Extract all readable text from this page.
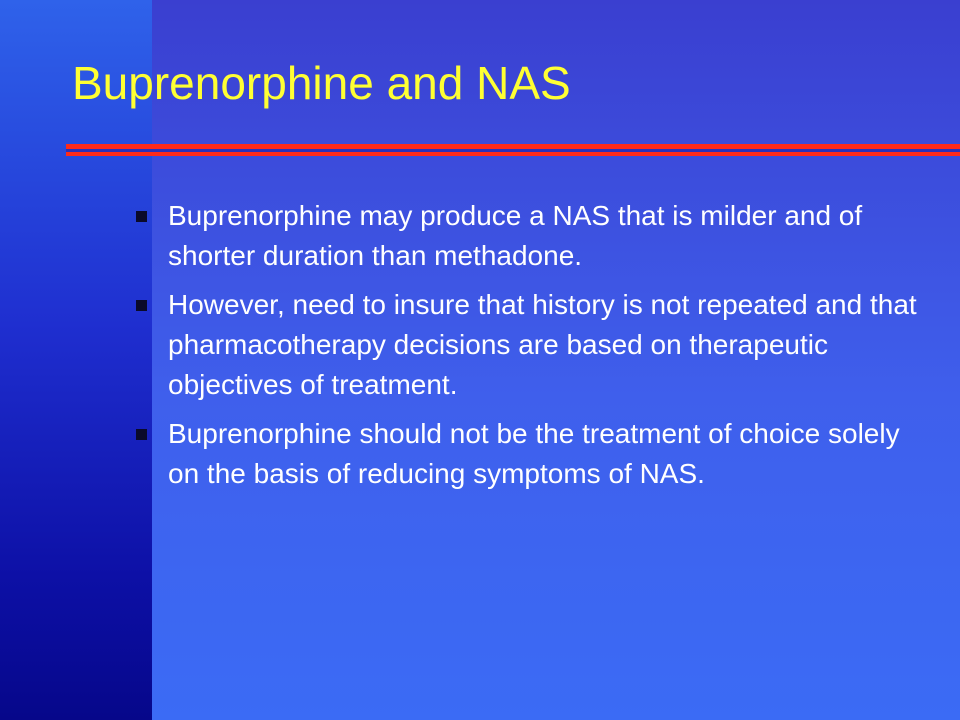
Buprenorphine and NAS
Buprenorphine may produce a NAS that is milder and of shorter duration than methadone.
However, need to insure that history is not repeated and that pharmacotherapy decisions are based on therapeutic objectives of treatment.
Buprenorphine should not be the treatment of choice solely on the basis of reducing symptoms of NAS.
